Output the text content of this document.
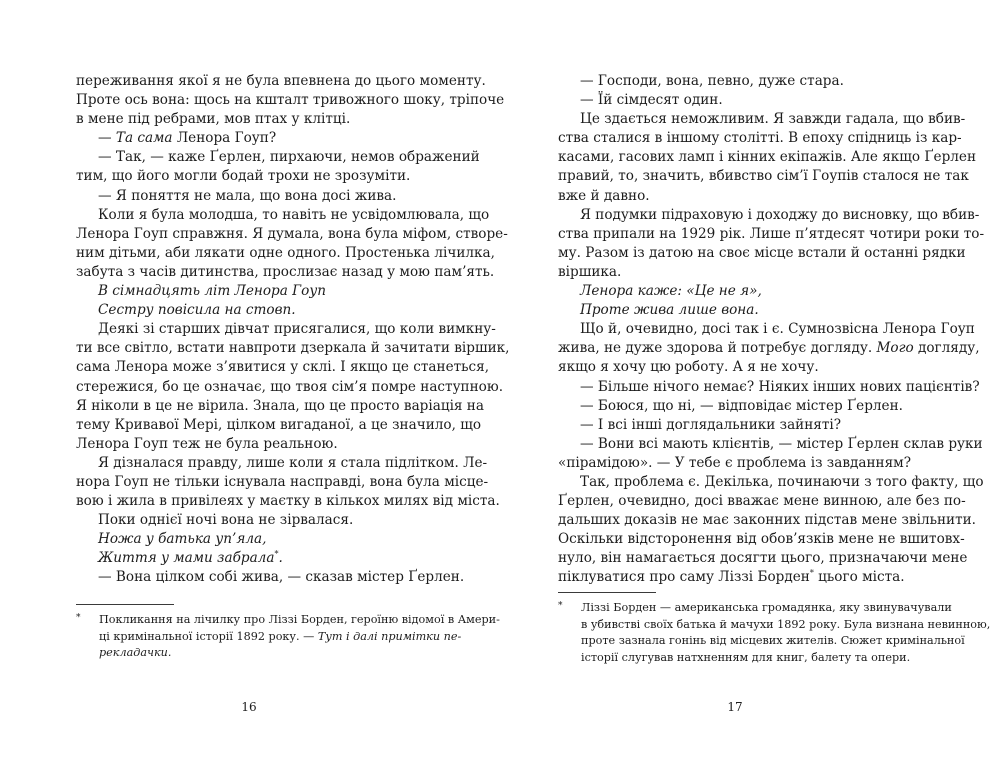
переживання якої я не була впевнена до цього моменту.
Проте ось вона: щось на кшталт тривожного шоку, тріпоче
в мене під ребрами, мов птах у клітці.
— Та сама Ленора Гоуп?
— Так, — каже Ґерлен, пирхаючи, немов ображений
тим, що його могли бодай трохи не зрозуміти.
— Я поняття не мала, що вона досі жива.
Коли я була молодша, то навіть не усвідомлювала, що
Ленора Гоуп справжня. Я думала, вона була міфом, створе-
ним дітьми, аби лякати одне одного. Простенька лічилка,
забута з часів дитинства, прослизає назад у мою пам’ять.
В сімнадцять літ Ленора Гоуп
Сестру повісила на стовп.
Деякі зі старших дівчат присягалися, що коли вимкну-
ти все світло, встати навпроти дзеркала й зачитати віршик,
сама Ленора може з’явитися у склі. І якщо це станеться,
стережися, бо це означає, що твоя сім’я помре наступною.
Я ніколи в це не вірила. Знала, що це просто варіація на
тему Кривавої Мері, цілком вигаданої, а це значило, що
Ленора Гоуп теж не була реальною.
Я дізналася правду, лише коли я стала підлітком. Ле-
нора Гоуп не тільки існувала насправді, вона була місце-
вою і жила в привілеях у маєтку в кількох милях від міста.
Поки однієї ночі вона не зірвалася.
Ножа у батька уп’яла,
Життя у мами забрала*.
— Вона цілком собі жива, — сказав містер Ґерлен.
* Покликання на лічилку про Ліззі Борден, героїню відомої в Амери-
ці кримінальної історії 1892 року. — Тут і далі примітки пе-
рекладачки.
16
— Господи, вона, певно, дуже стара.
— Їй сімдесят один.
Це здається неможливим. Я завжди гадала, що вбив-
ства сталися в іншому столітті. В епоху спідниць із кар-
касами, гасових ламп і кінних екіпажів. Але якщо Ґерлен
правий, то, значить, вбивство сім’ї Гоупів сталося не так
вже й давно.
Я подумки підраховую і доходжу до висновку, що вбив-
ства припали на 1929 рік. Лише п’ятдесят чотири роки то-
му. Разом із датою на своє місце встали й останні рядки
віршика.
Ленора каже: «Це не я»,
Проте жива лише вона.
Що й, очевидно, досі так і є. Сумнозвісна Ленора Гоуп
жива, не дуже здорова й потребує догляду. Мого догляду,
якщо я хочу цю роботу. А я не хочу.
— Більше нічого немає? Ніяких інших нових пацієнтів?
— Боюся, що ні, — відповідає містер Ґерлен.
— І всі інші доглядальники зайняті?
— Вони всі мають клієнтів, — містер Ґерлен склав руки
«пірамідою». — У тебе є проблема із завданням?
Так, проблема є. Декілька, починаючи з того факту, що
Ґерлен, очевидно, досі вважає мене винною, але без по-
дальших доказів не має законних підстав мене звільнити.
Оскільки відсторонення від обов’язків мене не вшитовх-
нуло, він намагається досягти цього, призначаючи мене
піклуватися про саму Ліззі Борден* цього міста.
* Ліззі Борден — американська громадянка, яку звинувачували
в убивстві своїх батька й мачухи 1892 року. Була визнана невинною,
проте зазнала гонінь від місцевих жителів. Сюжет кримінальної
історії слугував натхненням для книг, балету та опери.
17
